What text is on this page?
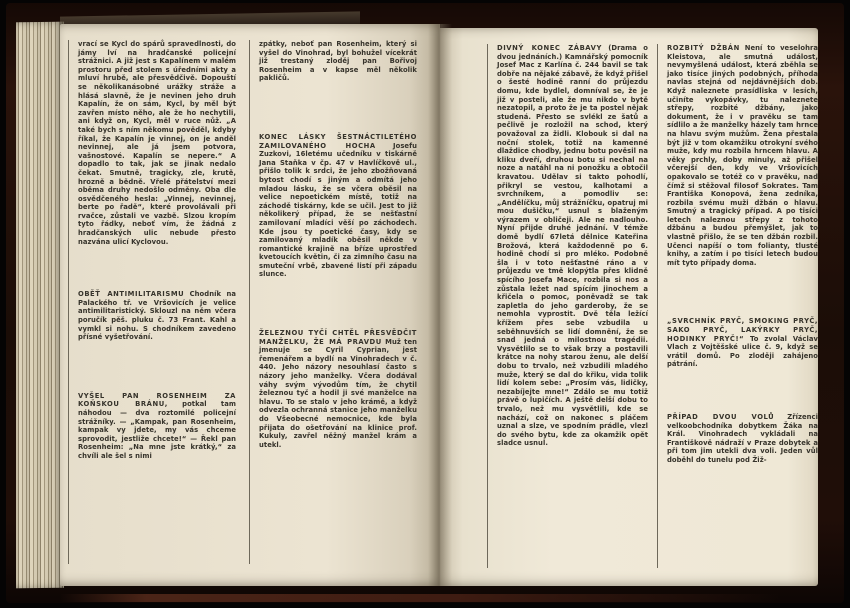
vrací se Kycl do spárů spravedlnosti, do jámy lví na hradčanské policejní strážnici. A již jest s Kapalínem v malém prostoru před stolem s úředními akty a mluví hrubě, ale přesvědčivě. Dopouští se několikanásobné urážky stráže a hlásá slavně, že je nevinen jeho druh Kapalín, že on sám, Kycl, by měl být zavřen místo něho, ale že ho nechytili, ani když on, Kycl, měl v ruce nůž. „A také bych s ním někomu pověděl, kdyby říkal, že Kapalín je vinnej, on je anděl nevinnej, ale já jsem potvora, vašnostové. Kapalín se nepere.“ A dopadlo to tak, jak se jinak nedalo čekat. Smutně, tragicky, zle, krutě, hrozně a bědně. Vřelé přátelství mezi oběma druhy nedošlo odměny. Oba dle osvědčeného hesla: „Vinnej, nevinnej, berte po řadě“, které provolávali při rvačce, zůstali ve vazbě. Slzou kropím tyto řádky, neboť vím, že žádná z hradčanských ulic nebude přesto nazvána ulicí Kyclovou.

OBĚŤ ANTIMILITARISMU Chodník na Palackého tř. ve Vršovicích je velice antimilitaristický. Sklouzl na něm včera poručík pěš. pluku č. 73 Frant. Kahl a vymkl si nohu. S chodníkem zavedeno přísné vyšetřování.

VYŠEL PAN ROSENHEIM ZA KOŇSKOU BRÁNU, potkal tam náhodou — dva roztomilé policejní strážníky. — „Kampak, pan Rosenheim, kampak vy jdete, my vás chceme sprovodit, jestliže chcete!“ — Řekl pan Rosenheim: „Na mne jste krátký,“ za chvíli ale šel s nimi

zpátky, neboť pan Rosenheim, který si vyšel do Vinohrad, byl bohužel vícekrát již trestaný zloděj pan Bořivoj Rosenheim a v kapse měl několik pakličů.

KONEC LÁSKY ŠESTNÁCTILETÉHO ZAMILOVANÉHO HOCHA Josefu Zuzkovi, 16letému učedníku v tiskárně Jana Staňka v čp. 47 v Havlíčkově ul., přišlo tolik k srdci, že jeho zbožňovaná bytost chodí s jiným a odmítá jeho mladou lásku, že se včera oběsil na velice nepoetickém místě, totiž na záchodě tiskárny, kde se učil. Jest to již několikerý případ, že se nešťastní zamilovaní mladíci věší po záchodech. Kde jsou ty poetické časy, kdy se zamilovaný mladík oběsil někde v romantické krajině na bříze uprostřed kvetoucích květin, či za zimního času na smuteční vrbě, zbavené listí při západu slunce.

ŽELEZNOU TYČÍ CHTĚL PŘESVĚDČIT MANŽELKU, ŽE MÁ PRAVDU Muž ten jmenuje se Cyril Cyprian, jest řemenářem a bydlí na Vinohradech v č. 440. Jeho názory nesouhlasí často s názory jeho manželky. Včera dodával váhy svým vývodům tím, že chytil železnou tyč a hodil ji své manželce na hlavu. To se stalo v jeho krámě, a když odvezla ochranná stanice jeho manželku do Všeobecné nemocnice, kde byla přijata do ošetřování na klinice prof. Kukuly, zavřel něžný manžel krám a utekl.

DIVNÝ KONEC ZÁBAVY (Drama o dvou jednáních.) Kamnářský pomocník Josef Mac z Karlína č. 244 bavil se tak dobře na nějaké zábavě, že když přišel o šesté hodině ranní do průjezdu domu, kde bydlel, domníval se, že je již v posteli, ale že mu nikdo v bytě nezatopil, a proto že je ta postel nějak studená. Přesto se svlékl ze šatů a pečlivě je rozložil na schod, který považoval za židli. Klobouk si dal na noční stolek, totiž na kamenné dlaždice chodby, jednu botu pověsil na kliku dveří, druhou botu si nechal na noze a natáhl na ni ponožku a obtočil kravatou. Udělav si takto pohodlí, přikryl se vestou, kalhotami a svrchníkem, a pomodliv se: „Andělíčku, můj strážníčku, opatruj mi mou dušičku,“ usnul s blaženým výrazem v obličeji. Ale ne nadlouho. Nyní přijde druhé jednání. V témže domě bydlí 67letá dělnice Kateřina Brožová, která každodenně po 6. hodině chodí si pro mléko. Podobně šla i v toto nešťastné ráno a v průjezdu ve tmě klopýtla přes klidně spícího Josefa Mace, rozbila si nos a zůstala ležet nad spícím jinochem a křičela o pomoc, poněvadž se tak zapletla do jeho garderoby, že se nemohla vyprostit. Dvě těla ležící křížem přes sebe vzbudila u seběhnuvších se lidí domnění, že se snad jedná o milostnou tragédii. Vysvětlilo se to však brzy a postavili krátce na nohy starou ženu, ale delší dobu to trvalo, než vzbudili mladého muže, který se dal do křiku, vida tolik lidí kolem sebe: „Prosím vás, lidičky, nezabíjejte mne!“ Zdálo se mu totiž právě o lupičích. A ještě delší dobu to trvalo, než mu vysvětlili, kde se nachází, což on nakonec s pláčem uznal a slze, ve spodním prádle, vlezl do svého bytu, kde za okamžik opět sladce usnul.

ROZBITÝ DŽBÁN Není to veselohra Kleistova, ale smutná událost, nevymyšlená událost, která zběhla se jako tisíce jiných podobných, příhoda navlas stejná od nejdávnějších dob. Když naleznete prasídliska v lesích, učiníte vykopávky, tu naleznete střepy, rozbité džbány, jako dokument, že i v pravěku se tam sídlilo a že manželky házely tam hrnce na hlavu svým mužům. Žena přestala být již v tom okamžiku otrokyní svého muže, kdy mu rozbila hrncem hlavu. A věky prchly, doby minuly, až přišel včerejší den, kdy ve Vršovicích opakovalo se totéž co v pravěku, nad čímž si stěžoval filosof Sokrates. Tam Františka Konopová, žena zedníka, rozbila svému muži džbán o hlavu. Smutný a tragický případ. A po tisíci letech naleznou střepy z tohoto džbánu a budou přemýšlet, jak to vlastně přišlo, že se ten džbán rozbil. Učenci napíší o tom folianty, tlusté knihy, a zatím i po tisíci letech budou mít tyto případy doma.

„SVRCHNÍK PRYČ, SMOKING PRYČ, SAKO PRYČ, LAKÝRKY PRYČ, HODINKY PRYČ!“ To zvolal Václav Vlach z Vojtěšské ulice č. 9, když se vrátil domů. Po zloději zahájeno pátrání.

PŘÍPAD DVOU VOLŮ Zřízenci velkoobchodníka dobytkem Žáka na Král. Vinohradech vykládali na Františkově nádraží v Praze dobytek a při tom jim utekli dva voli. Jeden vůl doběhl do tunelu pod Žiž-
